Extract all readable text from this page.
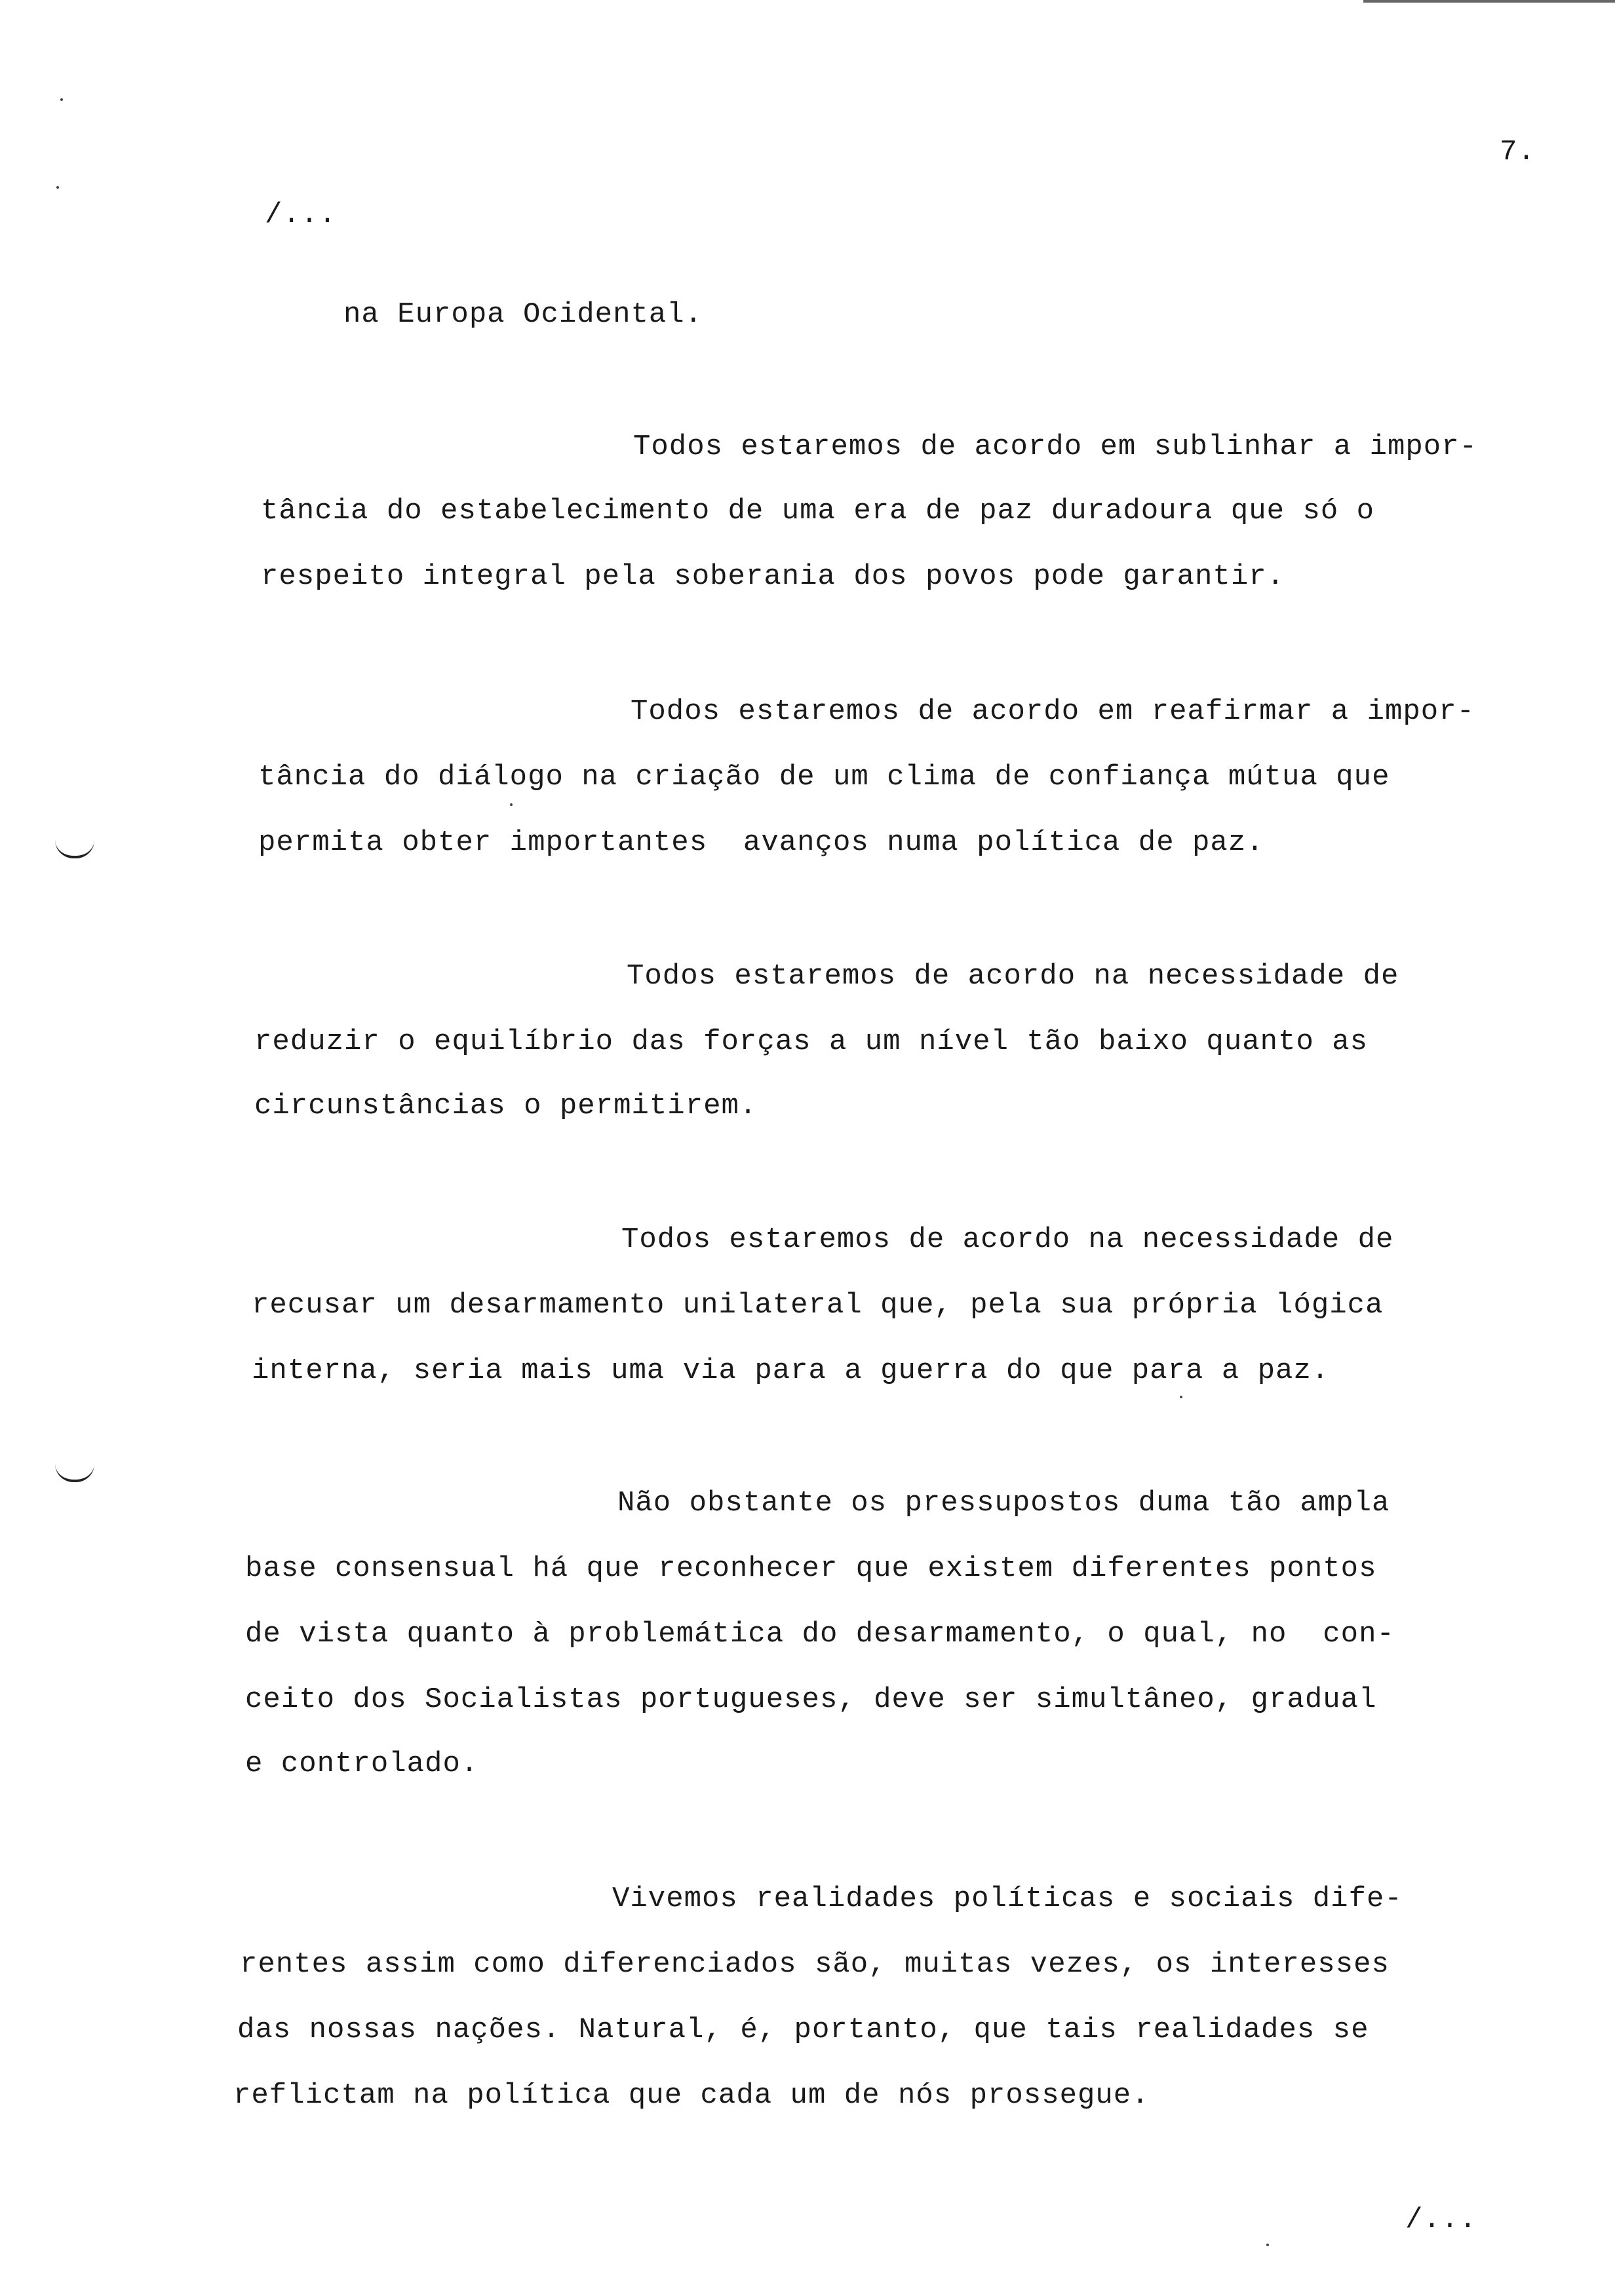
7.
/...
na Europa Ocidental.
Todos estaremos de acordo em sublinhar a impor-
tância do estabelecimento de uma era de paz duradoura que só o
respeito integral pela soberania dos povos pode garantir.
Todos estaremos de acordo em reafirmar a impor-
tância do diálogo na criação de um clima de confiança mútua que
permita obter importantes  avanços numa política de paz.
Todos estaremos de acordo na necessidade de
reduzir o equilíbrio das forças a um nível tão baixo quanto as
circunstâncias o permitirem.
Todos estaremos de acordo na necessidade de
recusar um desarmamento unilateral que, pela sua própria lógica
interna, seria mais uma via para a guerra do que para a paz.
Não obstante os pressupostos duma tão ampla
base consensual há que reconhecer que existem diferentes pontos
de vista quanto à problemática do desarmamento, o qual, no  con-
ceito dos Socialistas portugueses, deve ser simultâneo, gradual
e controlado.
Vivemos realidades políticas e sociais dife-
rentes assim como diferenciados são, muitas vezes, os interesses
das nossas nações. Natural, é, portanto, que tais realidades se
reflictam na política que cada um de nós prossegue.
/...
